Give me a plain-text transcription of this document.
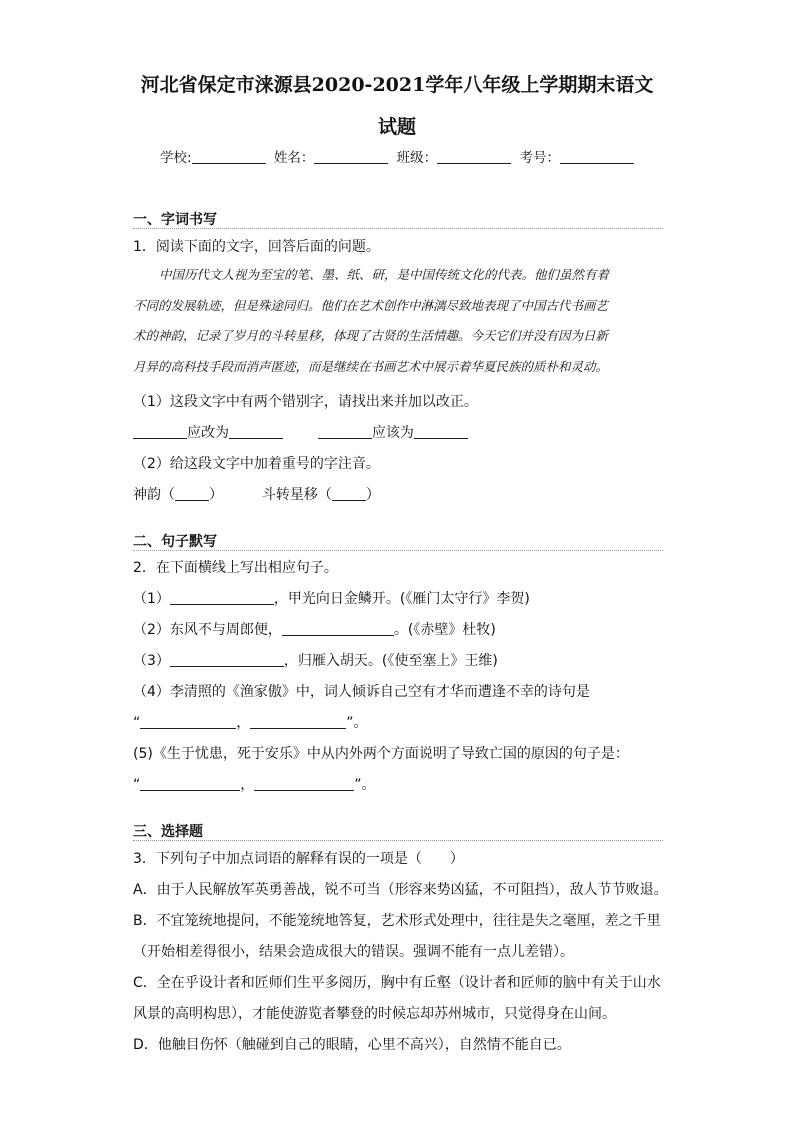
河北省保定市涞源县2020-2021学年八年级上学期期末语文
试题
学校:	姓名：	班级：	考号：
一、字词书写
1．阅读下面的文字，回答后面的问题。
中国历代文人视为至宝的笔、墨、纸、研，是中国传统文化的代表。他们虽然有着
不同的发展轨迹，但是殊途同归。他们在艺术创作中淋漓尽致地表现了中国古代书画艺
术的神韵，记录了岁月的斗转星移，体现了古贤的生活情趣。今天它们并没有因为日新
月异的高科技手段而消声匿迹，而是继续在书画艺术中展示着华夏民族的质朴和灵动。
（1）这段文字中有两个错别字，请找出来并加以改正。
应改为	应该为
（2）给这段文字中加着重号的字注音。
神韵（ ）	斗转星移（ ）
二、句子默写
2．在下面横线上写出相应句子。
（1）	，甲光向日金鳞开。(《雁门太守行》李贺)
（2）东风不与周郎便，	。(《赤壁》杜牧)
（3）	，归雁入胡天。(《使至塞上》王维)
（4）李清照的《渔家傲》中，词人倾诉自己空有才华而遭逢不幸的诗句是
“	，	”。
(5)《生于忧患，死于安乐》中从内外两个方面说明了导致亡国的原因的句子是：
“	，	”。
三、选择题
3．下列句子中加点词语的解释有误的一项是（　　）
A．由于人民解放军英勇善战，锐不可当（形容来势凶猛，不可阻挡），敌人节节败退。
B．不宜笼统地提问，不能笼统地答复，艺术形式处理中，往往是失之毫厘，差之千里
（开始相差得很小，结果会造成很大的错误。强调不能有一点儿差错）。
C．全在乎设计者和匠师们生平多阅历，胸中有丘壑（设计者和匠师的脑中有关于山水
风景的高明构思），才能使游览者攀登的时候忘却苏州城市，只觉得身在山间。
D．他触目伤怀（触碰到自己的眼睛，心里不高兴），自然情不能自已。
